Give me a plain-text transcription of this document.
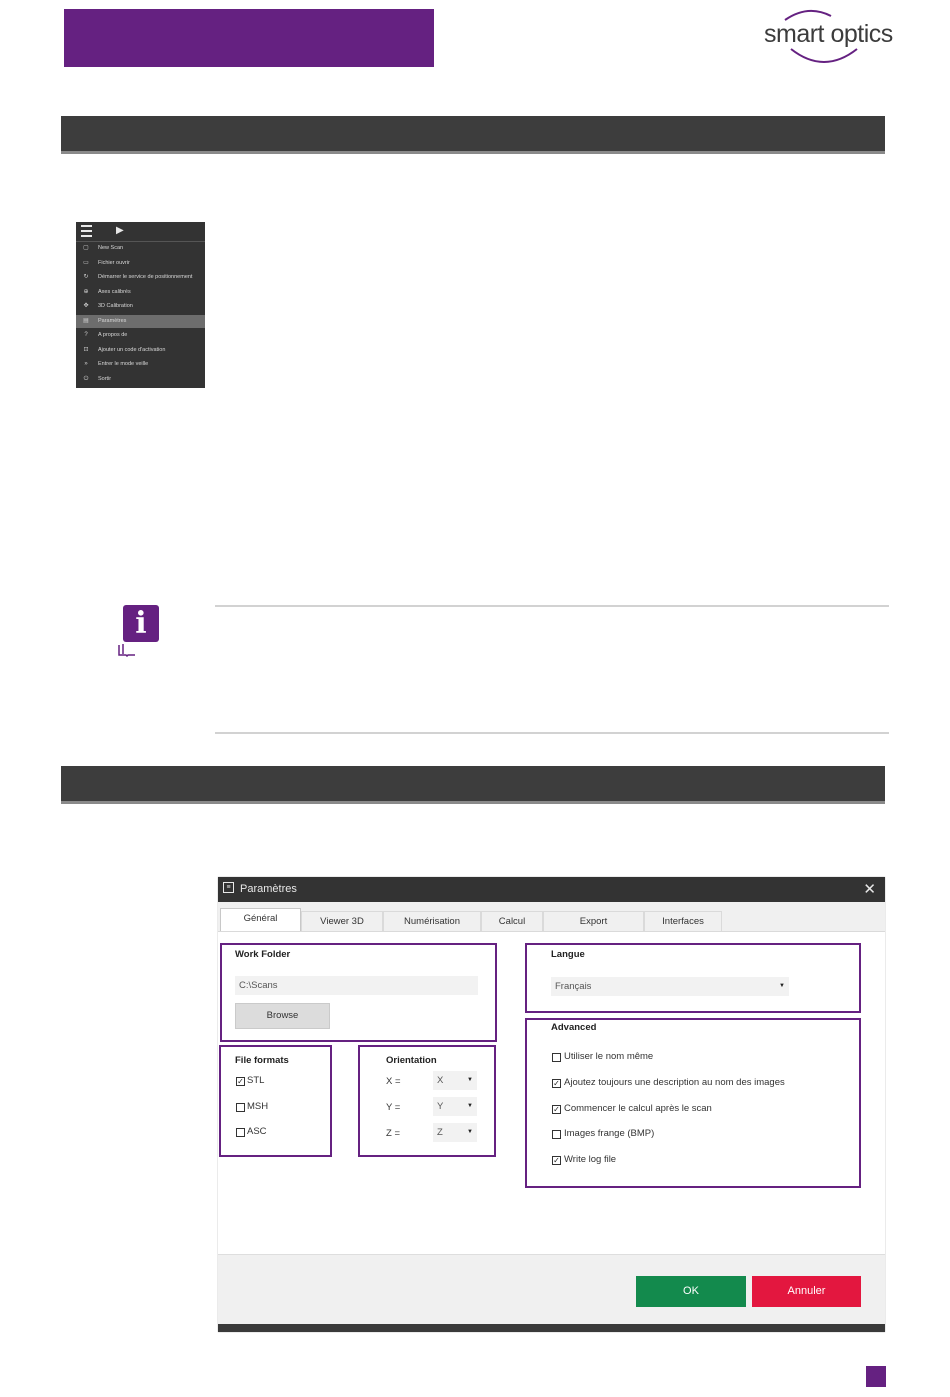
smart optics
▶
▢ New Scan
▭ Fichier ouvrir
↻ Démarrer le service de positionnement
⊕ Axes calibrés
✥ 3D Calibration
▤ Paramètres
?	A propos de
⊡ Ajouter un code d'activation
»	Entrer le mode veille
⏻ Sortir
i
≡ Paramètres	✕
Général	Viewer 3D	Numérisation	Calcul	Export	Interfaces
Work Folder
C:\Scans
Browse
File formats	Orientation
Langue
Français	▼
Advanced
✓ STL
MSH
ASC
X =	X	▼
Y =	Y	▼
Z =	Z	▼
Utiliser le nom même
✓ Ajoutez toujours une description au nom des images
✓ Commencer le calcul après le scan
Images frange (BMP)
✓ Write log file
OK	Annuler
